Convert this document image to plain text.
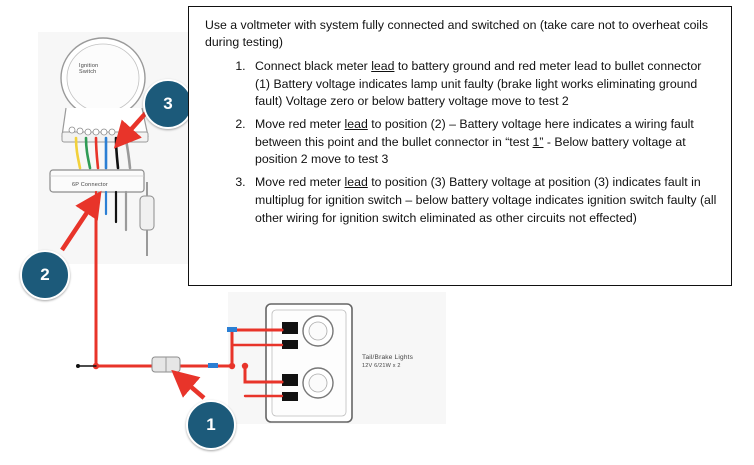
Ignition
Switch
6P Connector
Tail/Brake Lights
12V 6/21W x 2
1
2
3

Use a voltmeter with system fully connected and switched on (take care not to overheat coils during testing)

1. Connect black meter lead to battery ground and red meter lead to bullet connector (1) Battery voltage indicates lamp unit faulty (brake light works eliminating ground fault) Voltage zero or below battery voltage move to test 2
2. Move red meter lead to position (2) – Battery voltage here indicates a wiring fault between this point and the bullet connector in “test 1” - Below battery voltage at position 2 move to test 3
3. Move red meter lead to position (3) Battery voltage at position (3) indicates fault in multiplug for ignition switch – below battery voltage indicates ignition switch faulty (all other wiring for ignition switch eliminated as other circuits not effected)
